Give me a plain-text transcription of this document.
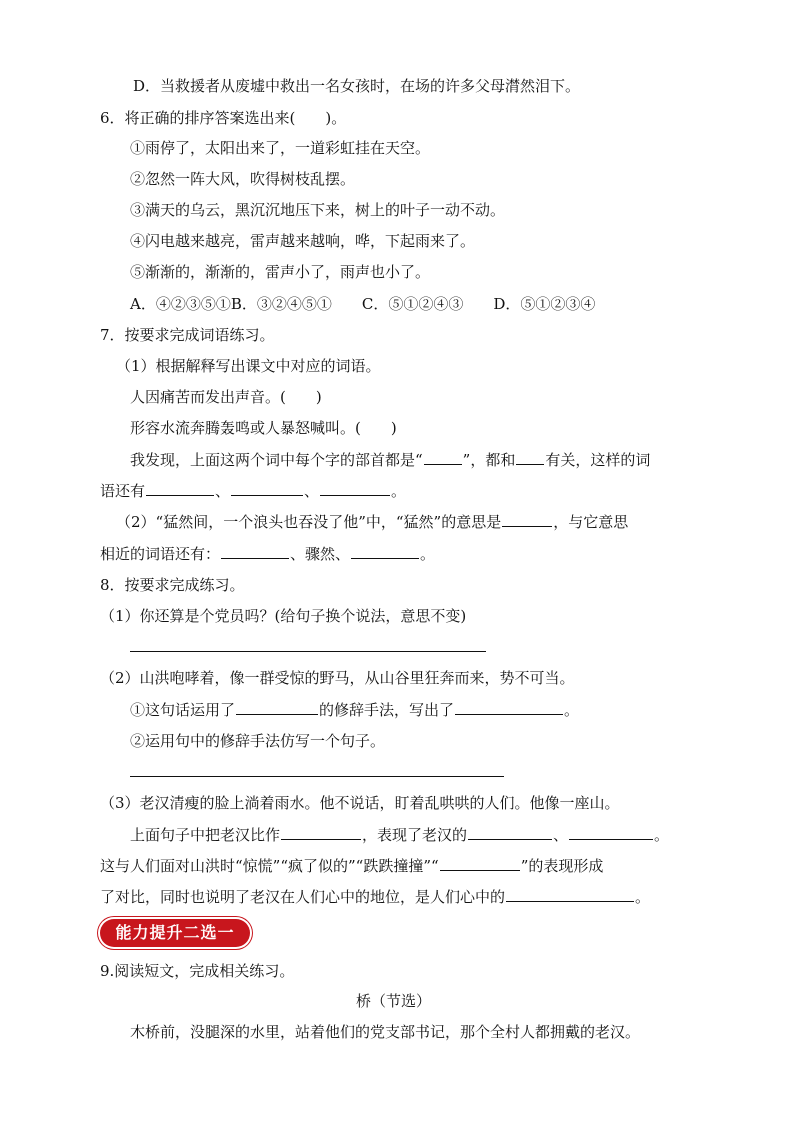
D．当救援者从废墟中救出一名女孩时，在场的许多父母潸然泪下。
6．将正确的排序答案选出来(　　)。
①雨停了，太阳出来了，一道彩虹挂在天空。
②忽然一阵大风，吹得树枝乱摆。
③满天的乌云，黑沉沉地压下来，树上的叶子一动不动。
④闪电越来越亮，雷声越来越响，哗，下起雨来了。
⑤渐渐的，渐渐的，雷声小了，雨声也小了。
A．④②③⑤①B．③②④⑤①　　C．⑤①②④③　　D．⑤①②③④
7．按要求完成词语练习。
（1）根据解释写出课文中对应的词语。
人因痛苦而发出声音。(　　)
形容水流奔腾轰鸣或人暴怒喊叫。(　　)
我发现，上面这两个词中每个字的部首都是“	”，都和 有关，这样的词
语还有	、	、	。
（2）“猛然间，一个浪头也吞没了他”中，“猛然”的意思是	，与它意思
相近的词语还有：	、骤然、	。
8．按要求完成练习。
（1）你还算是个党员吗？(给句子换个说法，意思不变)
（2）山洪咆哮着，像一群受惊的野马，从山谷里狂奔而来，势不可当。
①这句话运用了	的修辞手法，写出了	。
②运用句中的修辞手法仿写一个句子。
（3）老汉清瘦的脸上淌着雨水。他不说话，盯着乱哄哄的人们。他像一座山。
上面句子中把老汉比作	，表现了老汉的	、	。
这与人们面对山洪时“惊慌”“疯了似的”“跌跌撞撞”“	”的表现形成
了对比，同时也说明了老汉在人们心中的地位，是人们心中的	。
能力提升二选一
9.阅读短文，完成相关练习。
桥（节选）
木桥前，没腿深的水里，站着他们的党支部书记，那个全村人都拥戴的老汉。
